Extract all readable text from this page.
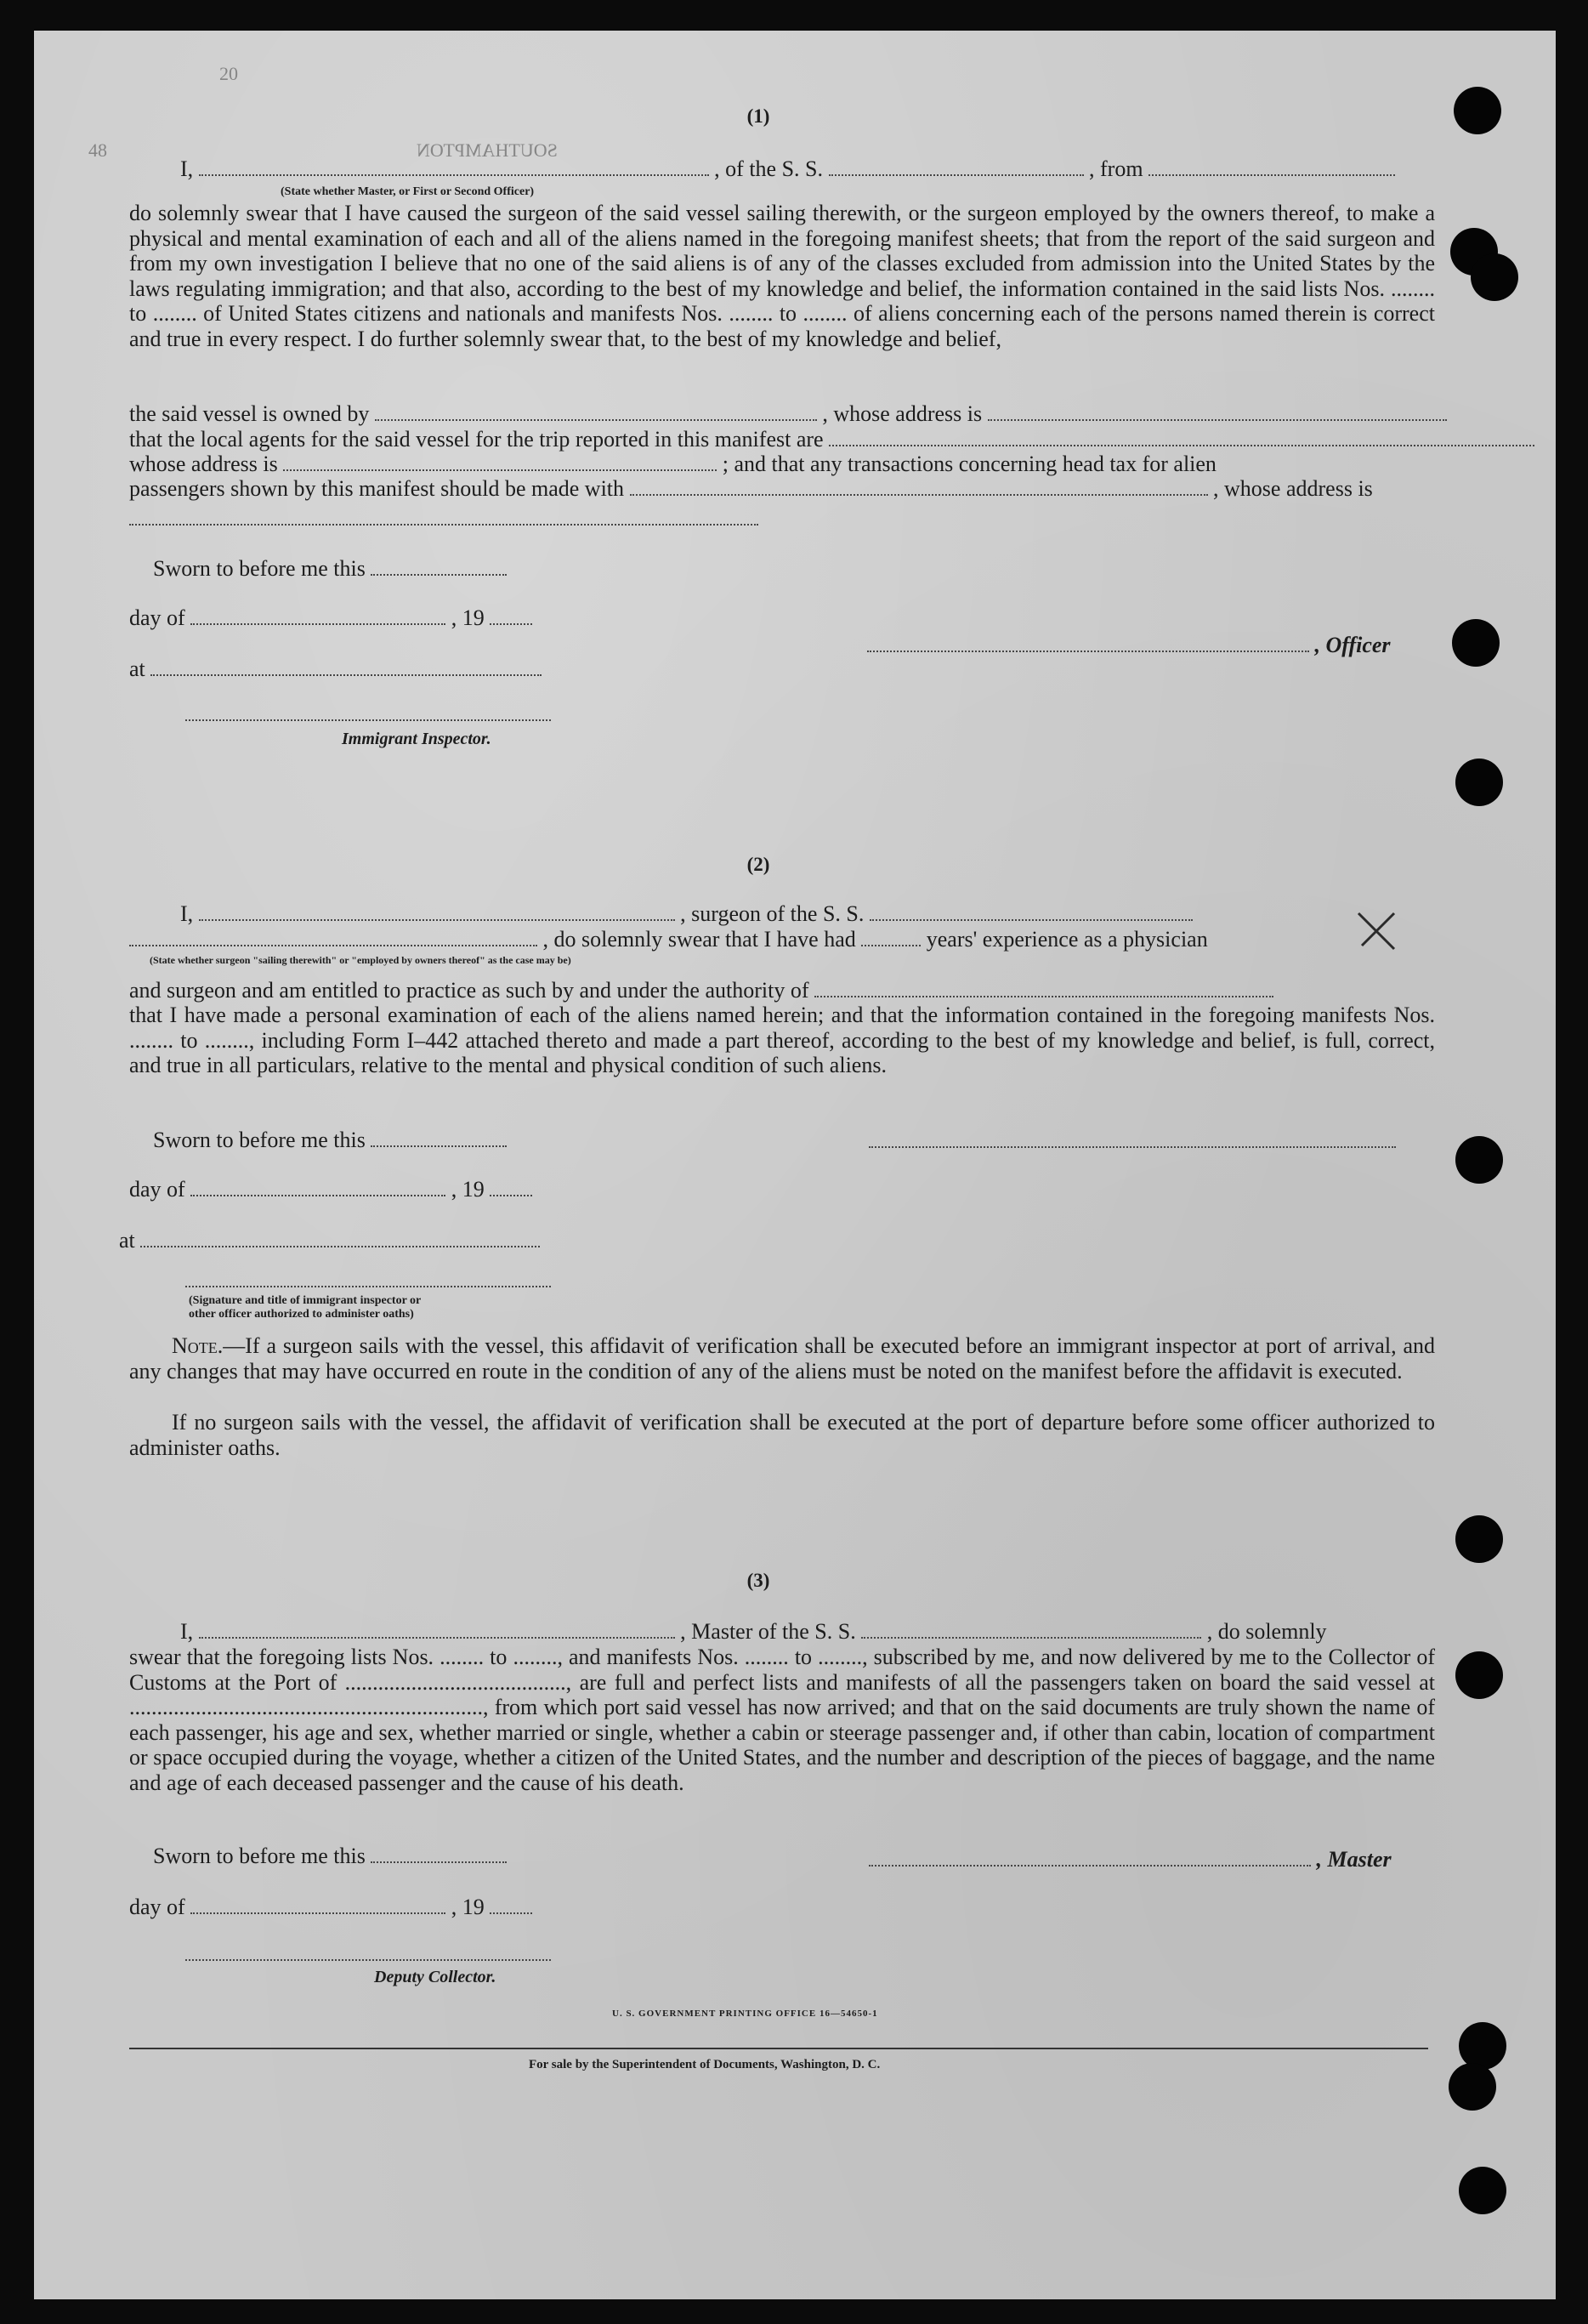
20
48	SOUTHAMPTON
(1)
I,	, of the S. S.	, from
(State whether Master, or First or Second Officer)
do solemnly swear that I have caused the surgeon of the said vessel sailing therewith, or the surgeon employed by the owners thereof, to make a physical and mental examination of each and all of the aliens named in the foregoing manifest sheets; that from the report of the said surgeon and from my own investigation I believe that no one of the said aliens is of any of the classes excluded from admission into the United States by the laws regulating immigration; and that also, according to the best of my knowledge and belief, the information contained in the said lists Nos. ........ to ........ of United States citizens and nationals and manifests Nos. ........ to ........ of aliens concerning each of the persons named therein is correct and true in every respect. I do further solemnly swear that, to the best of my knowledge and belief,
the said vessel is owned by	, whose address is
that the local agents for the said vessel for the trip reported in this manifest are
whose address is	; and that any transactions concerning head tax for alien
passengers shown by this manifest should be made with	, whose address is
Sworn to before me this
day of	, 19
at
, Officer
Immigrant Inspector.
(2)
I,	, surgeon of the S. S.
, do solemnly swear that I have had	years' experience as a physician
(State whether surgeon "sailing therewith" or "employed by owners thereof" as the case may be)
and surgeon and am entitled to practice as such by and under the authority of
that I have made a personal examination of each of the aliens named herein; and that the information contained in the foregoing manifests Nos. ........ to ........, including Form I–442 attached thereto and made a part thereof, according to the best of my knowledge and belief, is full, correct, and true in all particulars, relative to the mental and physical condition of such aliens.
Sworn to before me this
day of	, 19
at
(Signature and title of immigrant inspector or
other officer authorized to administer oaths)
Note.—If a surgeon sails with the vessel, this affidavit of verification shall be executed before an immigrant inspector at port of arrival, and any changes that may have occurred en route in the condition of any of the aliens must be noted on the manifest before the affidavit is executed.
If no surgeon sails with the vessel, the affidavit of verification shall be executed at the port of departure before some officer authorized to administer oaths.
(3)
I,	, Master of the S. S.	, do solemnly
swear that the foregoing lists Nos. ........ to ........, and manifests Nos. ........ to ........, subscribed by me, and now delivered by me to the Collector of Customs at the Port of ........................................, are full and perfect lists and manifests of all the passengers taken on board the said vessel at ................................................................, from which port said vessel has now arrived; and that on the said documents are truly shown the name of each passenger, his age and sex, whether married or single, whether a cabin or steerage passenger and, if other than cabin, location of compartment or space occupied during the voyage, whether a citizen of the United States, and the number and description of the pieces of baggage, and the name and age of each deceased passenger and the cause of his death.
Sworn to before me this	, Master
day of	, 19
Deputy Collector.
U. S. GOVERNMENT PRINTING OFFICE 16—54650-1
For sale by the Superintendent of Documents, Washington, D. C.
